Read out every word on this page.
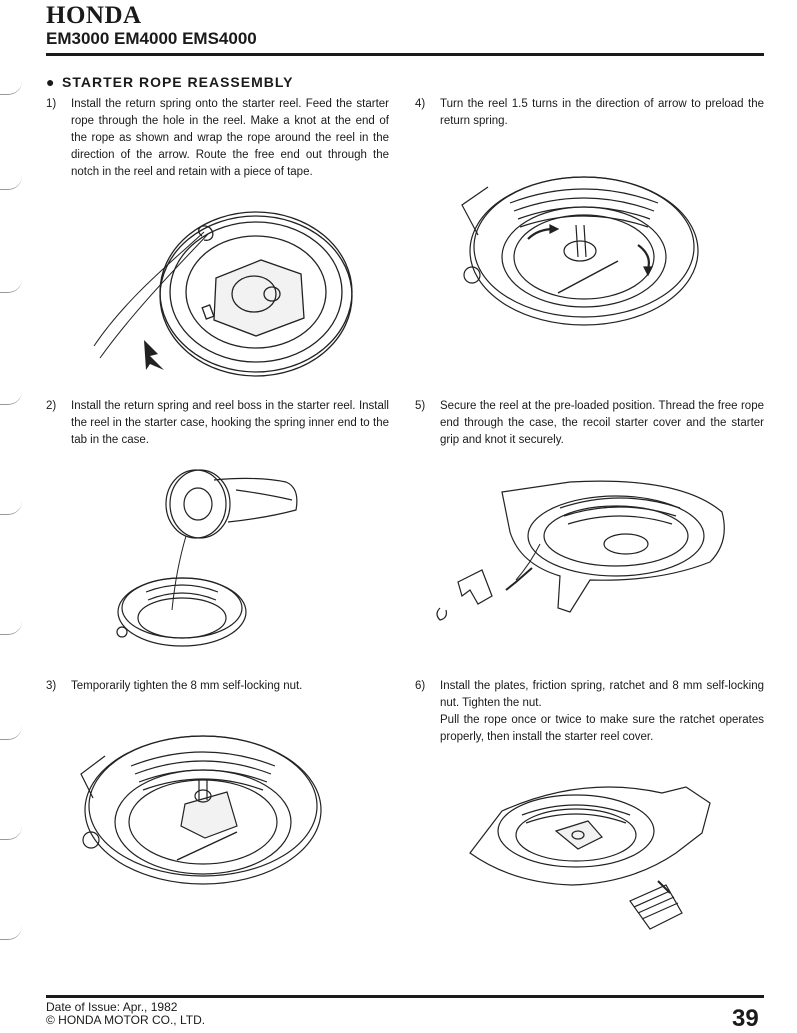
HONDA
EM3000 EM4000 EMS4000
● STARTER ROPE REASSEMBLY
1) Install the return spring onto the starter reel. Feed the starter rope through the hole in the reel. Make a knot at the end of the rope as shown and wrap the rope around the reel in the direction of the arrow. Route the free end out through the notch in the reel and retain with a piece of tape.

4) Turn the reel 1.5 turns in the direction of arrow to preload the return spring.

2) Install the return spring and reel boss in the starter reel. Install the reel in the starter case, hooking the spring inner end to the tab in the case.

5) Secure the reel at the pre-loaded position. Thread the free rope end through the case, the recoil starter cover and the starter grip and knot it securely.

3) Temporarily tighten the 8 mm self-locking nut.	6) Install the plates, friction spring, ratchet and 8 mm self-locking nut. Tighten the nut.

Pull the rope once or twice to make sure the ratchet operates properly, then install the starter reel cover.

Date of Issue: Apr., 1982
© HONDA MOTOR CO., LTD.	39
